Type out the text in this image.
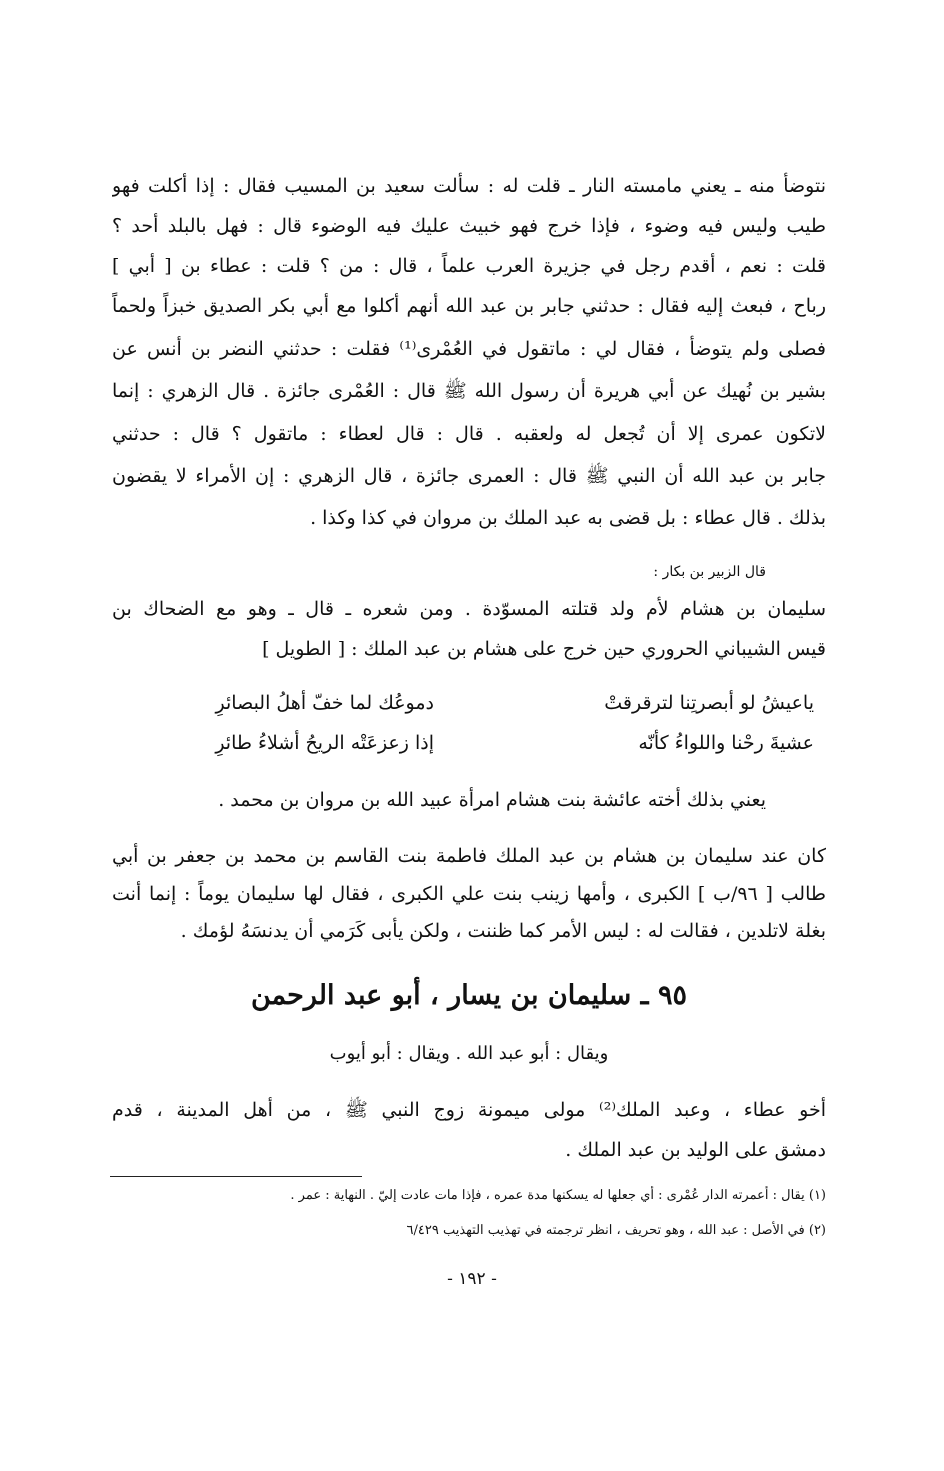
نتوضأ منه ـ يعني مامسته النار ـ قلت له : سألت سعيد بن المسيب فقال : إذا أكلت فهو
طيب وليس فيه وضوء ، فإذا خرج فهو خبيث عليك فيه الوضوء قال : فهل بالبلد أحد ؟
قلت : نعم ، أقدم رجل في جزيرة العرب علماً ، قال : من ؟ قلت : عطاء بن [ أبي ]
رباح ، فبعث إليه فقال : حدثني جابر بن عبد الله أنهم أكلوا مع أبي بكر الصديق خبزاً ولحماً
فصلى ولم يتوضأ ، فقال لي : ماتقول في العُمْرى⁽¹⁾ فقلت : حدثني النضر بن أنس عن
بشير بن نُهيك عن أبي هريرة أن رسول الله ﷺ قال : العُمْرى جائزة . قال الزهري : إنما
لاتكون عمرى إلا أن تُجعل له ولعقبه . قال : قال لعطاء : ماتقول ؟ قال : حدثني
جابر بن عبد الله أن النبي ﷺ قال : العمرى جائزة ، قال الزهري : إن الأمراء لا يقضون
بذلك . قال عطاء : بل قضى به عبد الملك بن مروان في كذا وكذا .
قال الزبير بن بكار :
سليمان بن هشام لأم ولد قتلته المسوّدة . ومن شعره ـ قال ـ وهو مع الضحاك بن
قيس الشيباني الحروري حين خرج على هشام بن عبد الملك : [ الطويل ]
ياعيشُ لو أبصرتِنا لترقرقتْ
دموعُك لما خفّ أهلُ البصائرِ
عشيةَ رحْنا واللواءُ كأنّه
إذا زعزعَتْه الريحُ أشلاءُ طائرِ
يعني بذلك أخته عائشة بنت هشام امرأة عبيد الله بن مروان بن محمد .
كان عند سليمان بن هشام بن عبد الملك فاطمة بنت القاسم بن محمد بن جعفر بن أبي
طالب [ ٩٦/ب ] الكبرى ، وأمها زينب بنت علي الكبرى ، فقال لها سليمان يوماً : إنما أنت
بغلة لاتلدين ، فقالت له : ليس الأمر كما ظننت ، ولكن يأبى كَرَمي أن يدنسَهُ لؤمك .
٩٥ ـ سليمان بن يسار ، أبو عبد الرحمن
ويقال : أبو عبد الله . ويقال : أبو أيوب
أخو عطاء ، وعبد الملك⁽²⁾ مولى ميمونة زوج النبي ﷺ ، من أهل المدينة ، قدم
دمشق على الوليد بن عبد الملك .
(١) يقال : أعمرته الدار عُمْرى : أي جعلها له يسكنها مدة عمره ، فإذا مات عادت إليّ . النهاية : عمر .
(٢) في الأصل : عبد الله ، وهو تحريف ، انظر ترجمته في تهذيب التهذيب ٦/٤٢٩
- ١٩٢ -
